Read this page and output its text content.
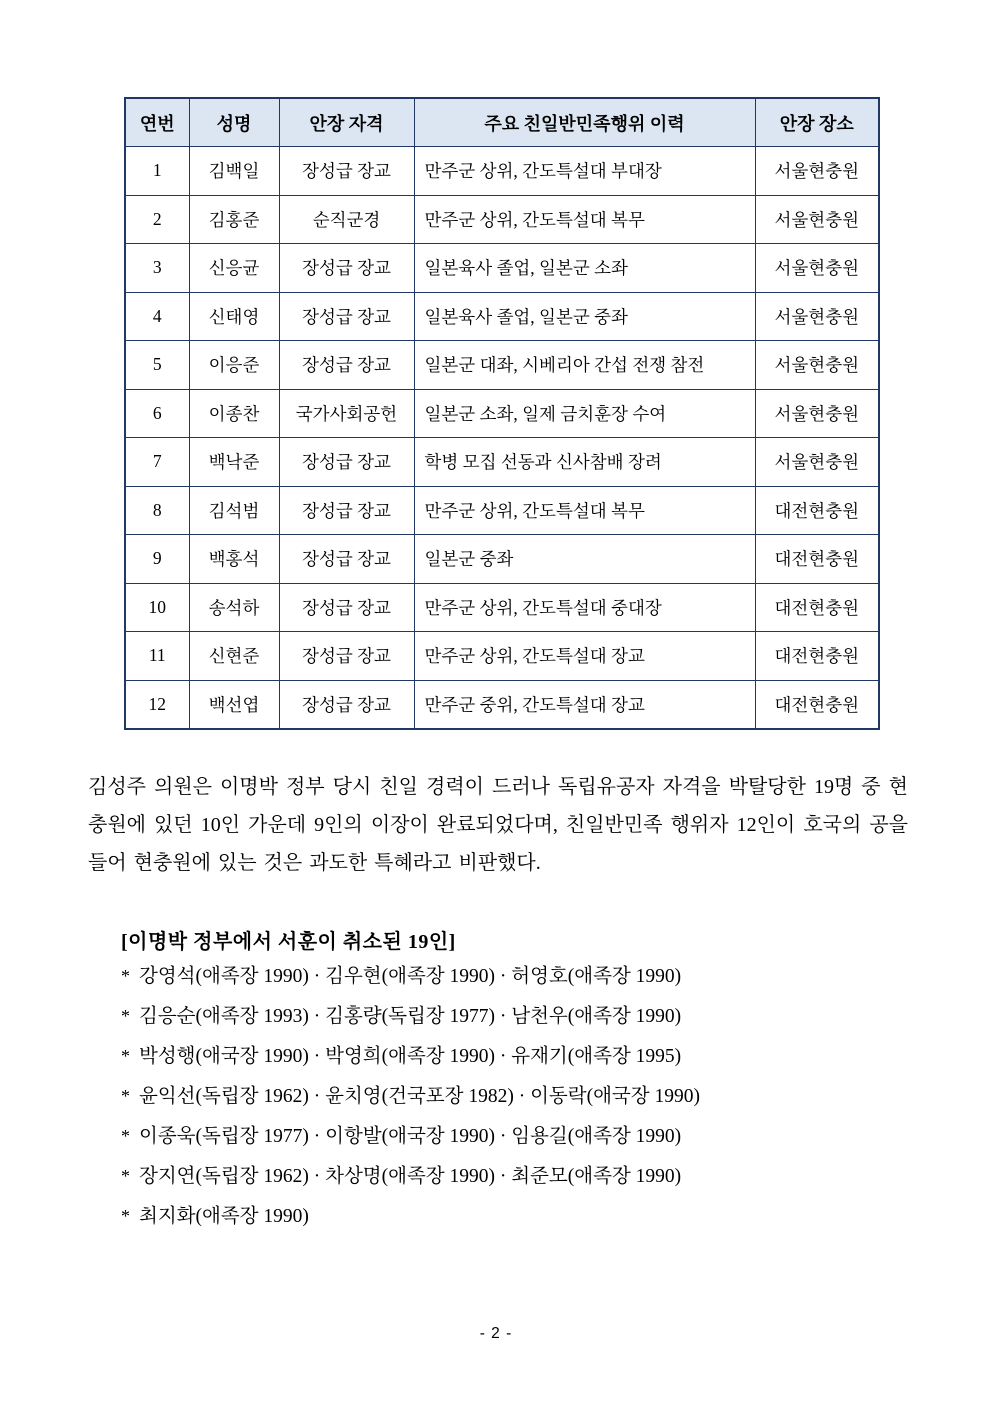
연번	성명	안장 자격	주요 친일반민족행위 이력	안장 장소
1	김백일	장성급 장교	만주군 상위, 간도특설대 부대장	서울현충원
2	김홍준	순직군경	만주군 상위, 간도특설대 복무	서울현충원
3	신응균	장성급 장교	일본육사 졸업, 일본군 소좌	서울현충원
4	신태영	장성급 장교	일본육사 졸업, 일본군 중좌	서울현충원
5	이응준	장성급 장교	일본군 대좌, 시베리아 간섭 전쟁 참전	서울현충원
6	이종찬	국가사회공헌	일본군 소좌, 일제 금치훈장 수여	서울현충원
7	백낙준	장성급 장교	학병 모집 선동과 신사참배 장려	서울현충원
8	김석범	장성급 장교	만주군 상위, 간도특설대 복무	대전현충원
9	백홍석	장성급 장교	일본군 중좌	대전현충원
10	송석하	장성급 장교	만주군 상위, 간도특설대 중대장	대전현충원
11	신현준	장성급 장교	만주군 상위, 간도특설대 장교	대전현충원
12	백선엽	장성급 장교	만주군 중위, 간도특설대 장교	대전현충원

김성주 의원은 이명박 정부 당시 친일 경력이 드러나 독립유공자 자격을 박탈당한 19명 중 현충원에 있던 10인 가운데 9인의 이장이 완료되었다며, 친일반민족 행위자 12인이 호국의 공을 들어 현충원에 있는 것은 과도한 특혜라고 비판했다.

[이명박 정부에서 서훈이 취소된 19인]
* 강영석(애족장 1990) · 김우현(애족장 1990) · 허영호(애족장 1990)
* 김응순(애족장 1993) · 김홍량(독립장 1977) · 남천우(애족장 1990)
* 박성행(애국장 1990) · 박영희(애족장 1990) · 유재기(애족장 1995)
* 윤익선(독립장 1962) · 윤치영(건국포장 1982) · 이동락(애국장 1990)
* 이종욱(독립장 1977) · 이항발(애국장 1990) · 임용길(애족장 1990)
* 장지연(독립장 1962) · 차상명(애족장 1990) · 최준모(애족장 1990)
* 최지화(애족장 1990)
- 2 -
